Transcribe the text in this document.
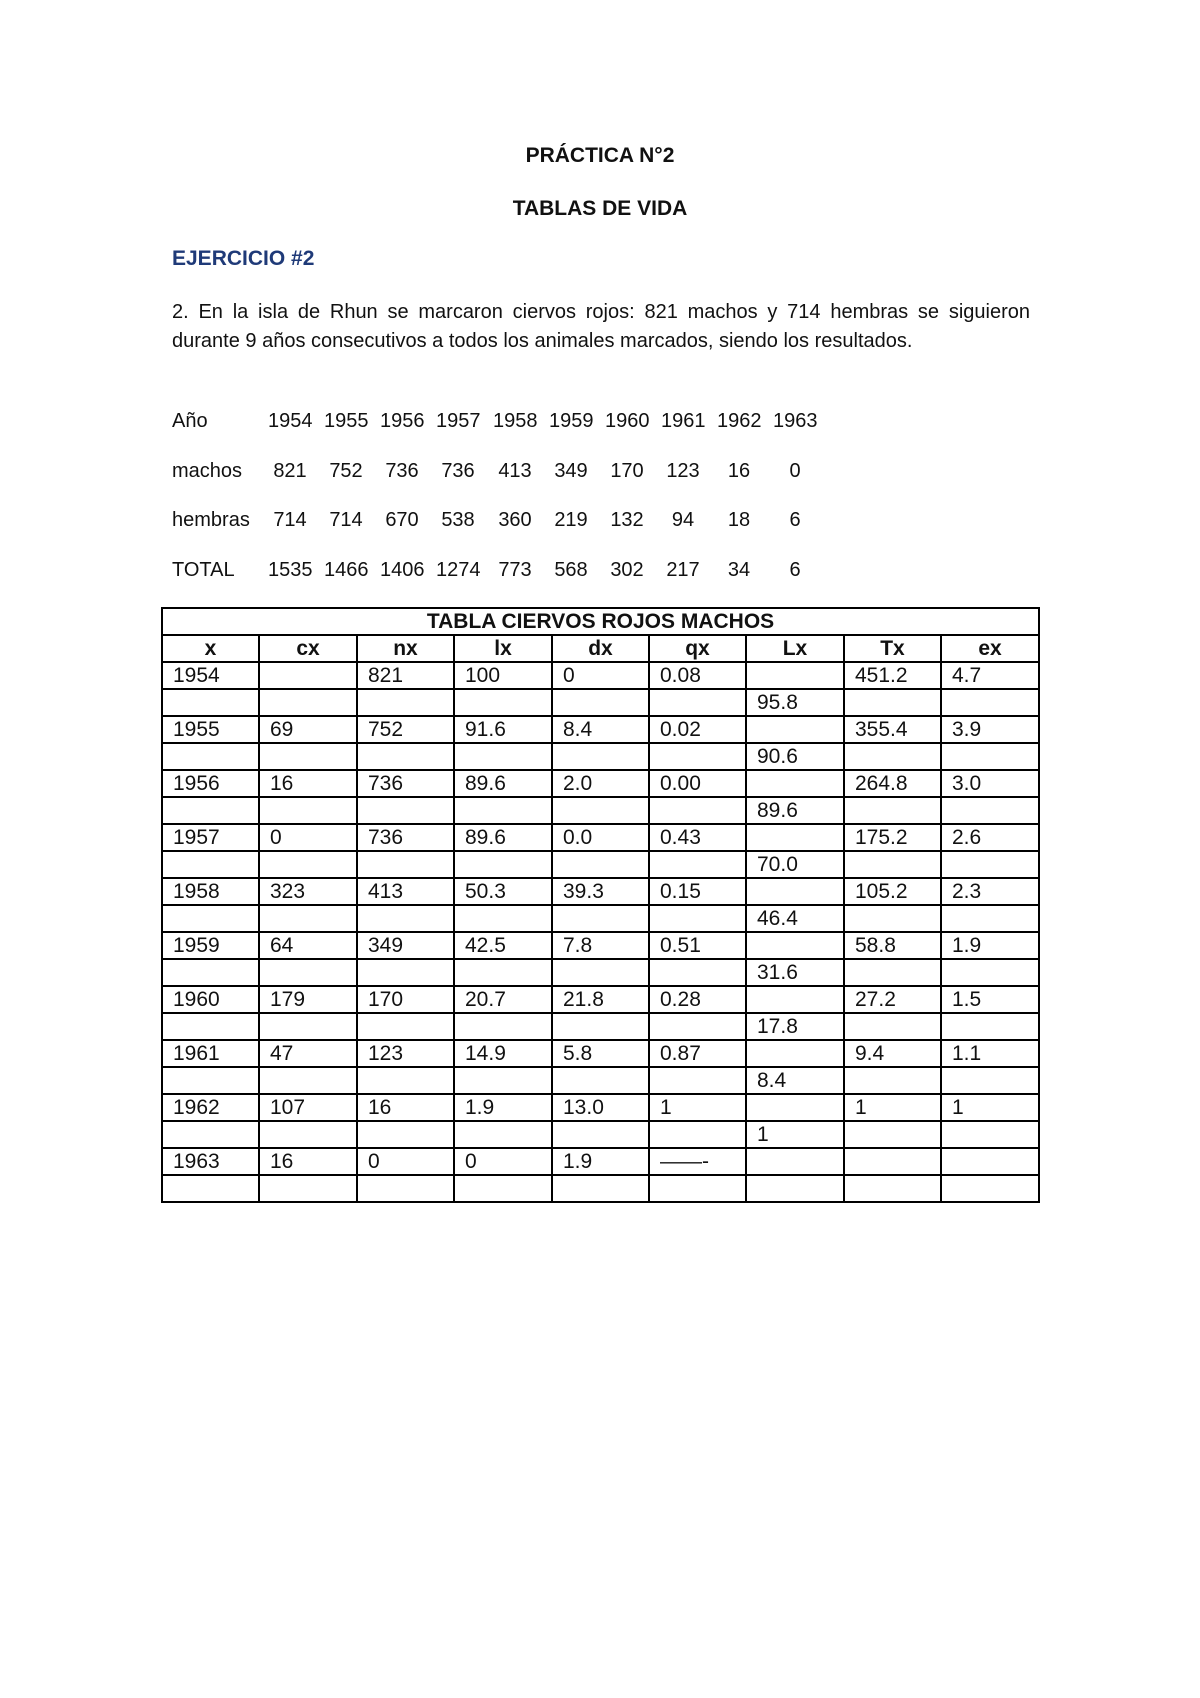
PRÁCTICA N°2
TABLAS DE VIDA
EJERCICIO #2

2. En la isla de Rhun se marcaron ciervos rojos: 821 machos y 714 hembras se siguieron durante 9 años consecutivos a todos los animales marcados, siendo los resultados.

Año	1954 1955 1956 1957 1958 1959 1960 1961 1962 1963
machos 821 752 736 736 413 349 170 123	16	0
hembras 714 714 670 538 360 219 132	94	18	6
TOTAL 1535 1466 1406 1274 773 568 302 217	34	6
TABLA CIERVOS ROJOS MACHOS								
x	cx	nx	lx	dx	qx	Lx	Tx	ex
1954		821	100	0	0.08		451.2	4.7
						95.8		
1955	69	752	91.6	8.4	0.02		355.4	3.9
						90.6		
1956	16	736	89.6	2.0	0.00		264.8	3.0
						89.6		
1957	0	736	89.6	0.0	0.43		175.2	2.6
						70.0		
1958	323	413	50.3	39.3	0.15		105.2	2.3
						46.4		
1959	64	349	42.5	7.8	0.51		58.8	1.9
						31.6		
1960	179	170	20.7	21.8	0.28		27.2	1.5
						17.8		
1961	47	123	14.9	5.8	0.87		9.4	1.1
						8.4		
1962	107	16	1.9	13.0	1		1	1
						1		
1963	16	0	0	1.9	——-			
